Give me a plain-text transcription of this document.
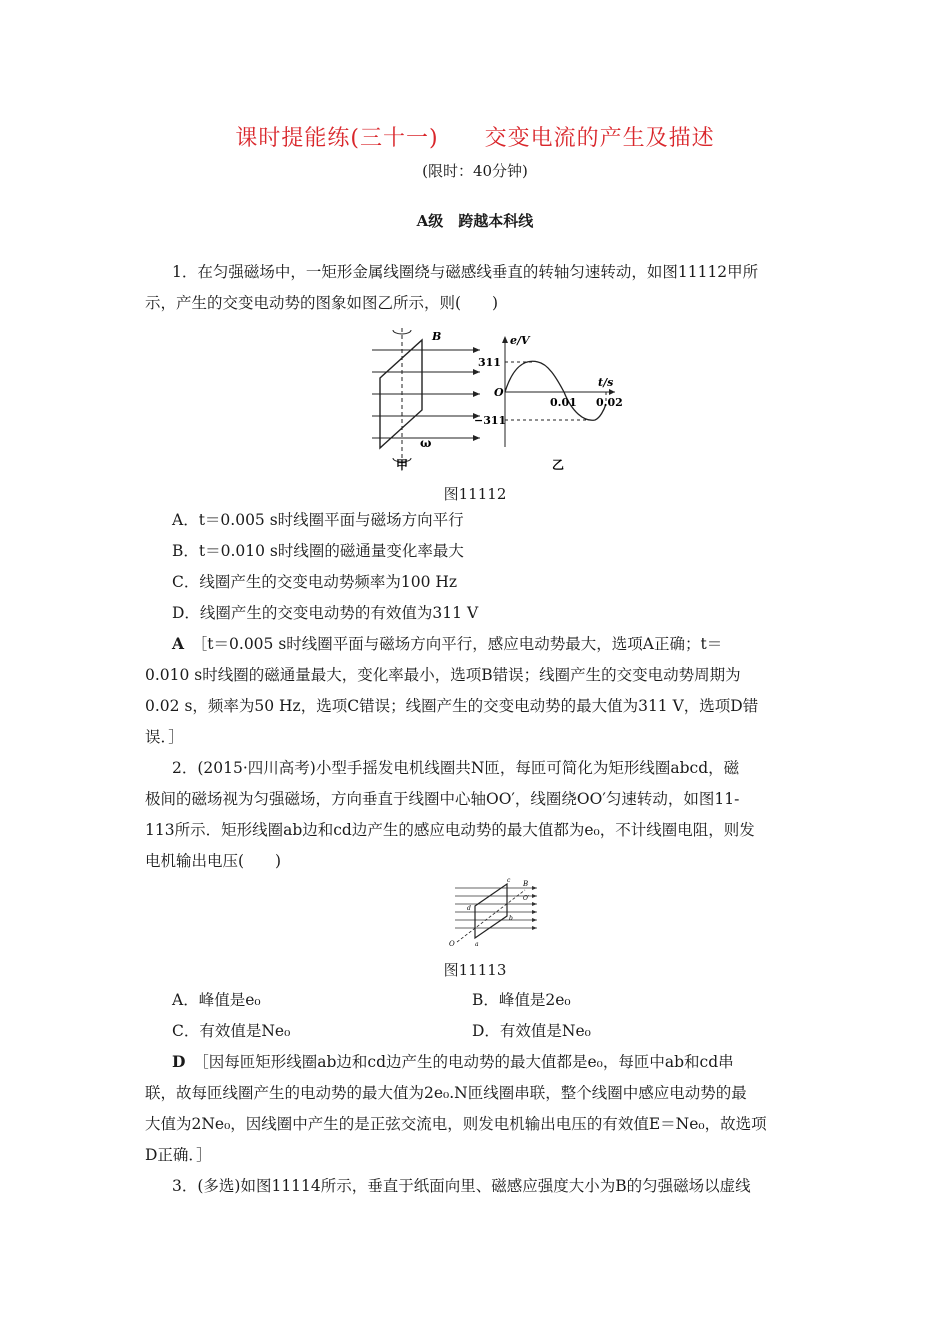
课时提能练(三十一)　　交变电流的产生及描述
(限时：40分钟)
A级　跨越本科线
1．在匀强磁场中，一矩形金属线圈绕与磁感线垂直的转轴匀速转动，如图11112甲所
示，产生的交变电动势的图象如图乙所示，则(　　)
B
ω
甲
e/V
t/s
311
−311
O
0.01 0.02
乙
图11112
A．t＝0.005 s时线圈平面与磁场方向平行
B．t＝0.010 s时线圈的磁通量变化率最大
C．线圈产生的交变电动势频率为100 Hz
D．线圈产生的交变电动势的有效值为311 V
A　 ［t＝0.005 s时线圈平面与磁场方向平行，感应电动势最大，选项A正确；t＝
0.010 s时线圈的磁通量最大，变化率最小，选项B错误；线圈产生的交变电动势周期为
0.02 s，频率为50 Hz，选项C错误；线圈产生的交变电动势的最大值为311 V，选项D错
误．］
2．(2015·四川高考)小型手摇发电机线圈共N匝，每匝可简化为矩形线圈abcd，磁
极间的磁场视为匀强磁场，方向垂直于线圈中心轴OO′，线圈绕OO′匀速转动，如图11-
113所示．矩形线圈ab边和cd边产生的感应电动势的最大值都为e₀，不计线圈电阻，则发
电机输出电压(　　)
B
c
d
b
a
O
O′
图11113
A．峰值是e₀	B．峰值是2e₀
C．有效值是Ne₀	D．有效值是Ne₀
D　 ［因每匝矩形线圈ab边和cd边产生的电动势的最大值都是e₀，每匝中ab和cd串
联，故每匝线圈产生的电动势的最大值为2e₀.N匝线圈串联，整个线圈中感应电动势的最
大值为2Ne₀，因线圈中产生的是正弦交流电，则发电机输出电压的有效值E＝Ne₀，故选项
D正确．］
3．(多选)如图11114所示，垂直于纸面向里、磁感应强度大小为B的匀强磁场以虚线
